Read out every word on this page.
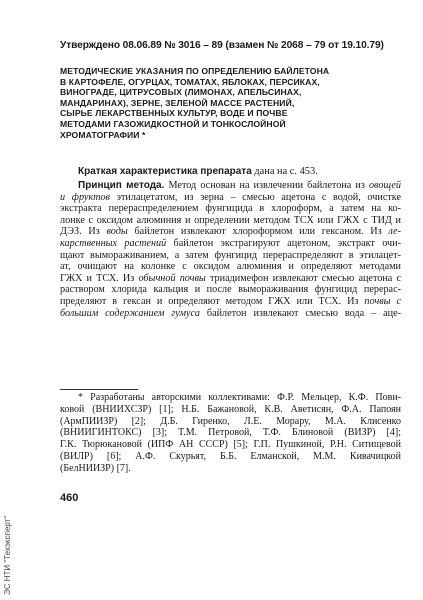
Утверждено 08.06.89 № 3016 – 89 (взамен № 2068 – 79 от 19.10.79)
МЕТОДИЧЕСКИЕ УКАЗАНИЯ ПО ОПРЕДЕЛЕНИЮ БАЙЛЕТОНА
В КАРТОФЕЛЕ, ОГУРЦАХ, ТОМАТАХ, ЯБЛОКАХ, ПЕРСИКАХ,
ВИНОГРАДЕ, ЦИТРУСОВЫХ (ЛИМОНАХ, АПЕЛЬСИНАХ,
МАНДАРИНАХ), ЗЕРНЕ, ЗЕЛЕНОЙ МАССЕ РАСТЕНИЙ,
СЫРЬЕ ЛЕКАРСТВЕННЫХ КУЛЬТУР, ВОДЕ И ПОЧВЕ
МЕТОДАМИ ГАЗОЖИДКОСТНОЙ И ТОНКОСЛОЙНОЙ
ХРОМАТОГРАФИИ *
Краткая характеристика препарата дана на с. 453.
Принцип метода. Метод основан на извлечении байлетона из овощей
и фруктов этилацетатом, из зерна – смесью ацетона с водой, очистке
экстракта перераспределением фунгицида в хлороформ, а затем на ко-
лонке с оксидом алюминия и определении методом ТСХ или ГЖХ с ТИД и
ДЭЗ. Из воды байлетон извлекают хлороформом или гексаном. Из ле-
карственных растений байлетон экстрагируют ацетоном, экстракт очи-
щают вымораживанием, а затем фунгицид перераспределяют в этилацет-
ат, очищают на колонке с оксидом алюминия и определяют методами
ГЖХ и ТСХ. Из обычной почвы триадимефон извлекают смесью ацетона с
раствором хлорида кальция и после вымораживания фунгицид перерас-
пределяют в гексан и определяют методом ГЖХ или ТСХ. Из почвы с
большим содержанием гумуса байлетон извлекают смесью вода – аце-
* Разработаны авторскими коллективами: Ф.Р. Мельцер, К.Ф. Пови-
ковой (ВНИИХСЗР) [1]; Н.Б. Бажановой, К.В. Аветисян, Ф.А. Папоян
(АрмПИИЗР) [2]; Д.Б. Гиренко, Л.Е. Морару, М.А. Клисенко
(ВНИИГИНТОКС) [3]; Т.М. Петровой, Т.Ф. Блиновой (ВИЗР) [4];
Г.К. Тюрюкановой (ИПФ АН СССР) [5]; Г.П. Пушкиной, Р.Н. Ситищевой
(ВИЛР) [6]; А.Ф. Скурьят, Б.Б. Елманской, М.М. Кивачицкой
(БелНИИЗР) [7].
460
ЭС НТИ "Техэксперт"
